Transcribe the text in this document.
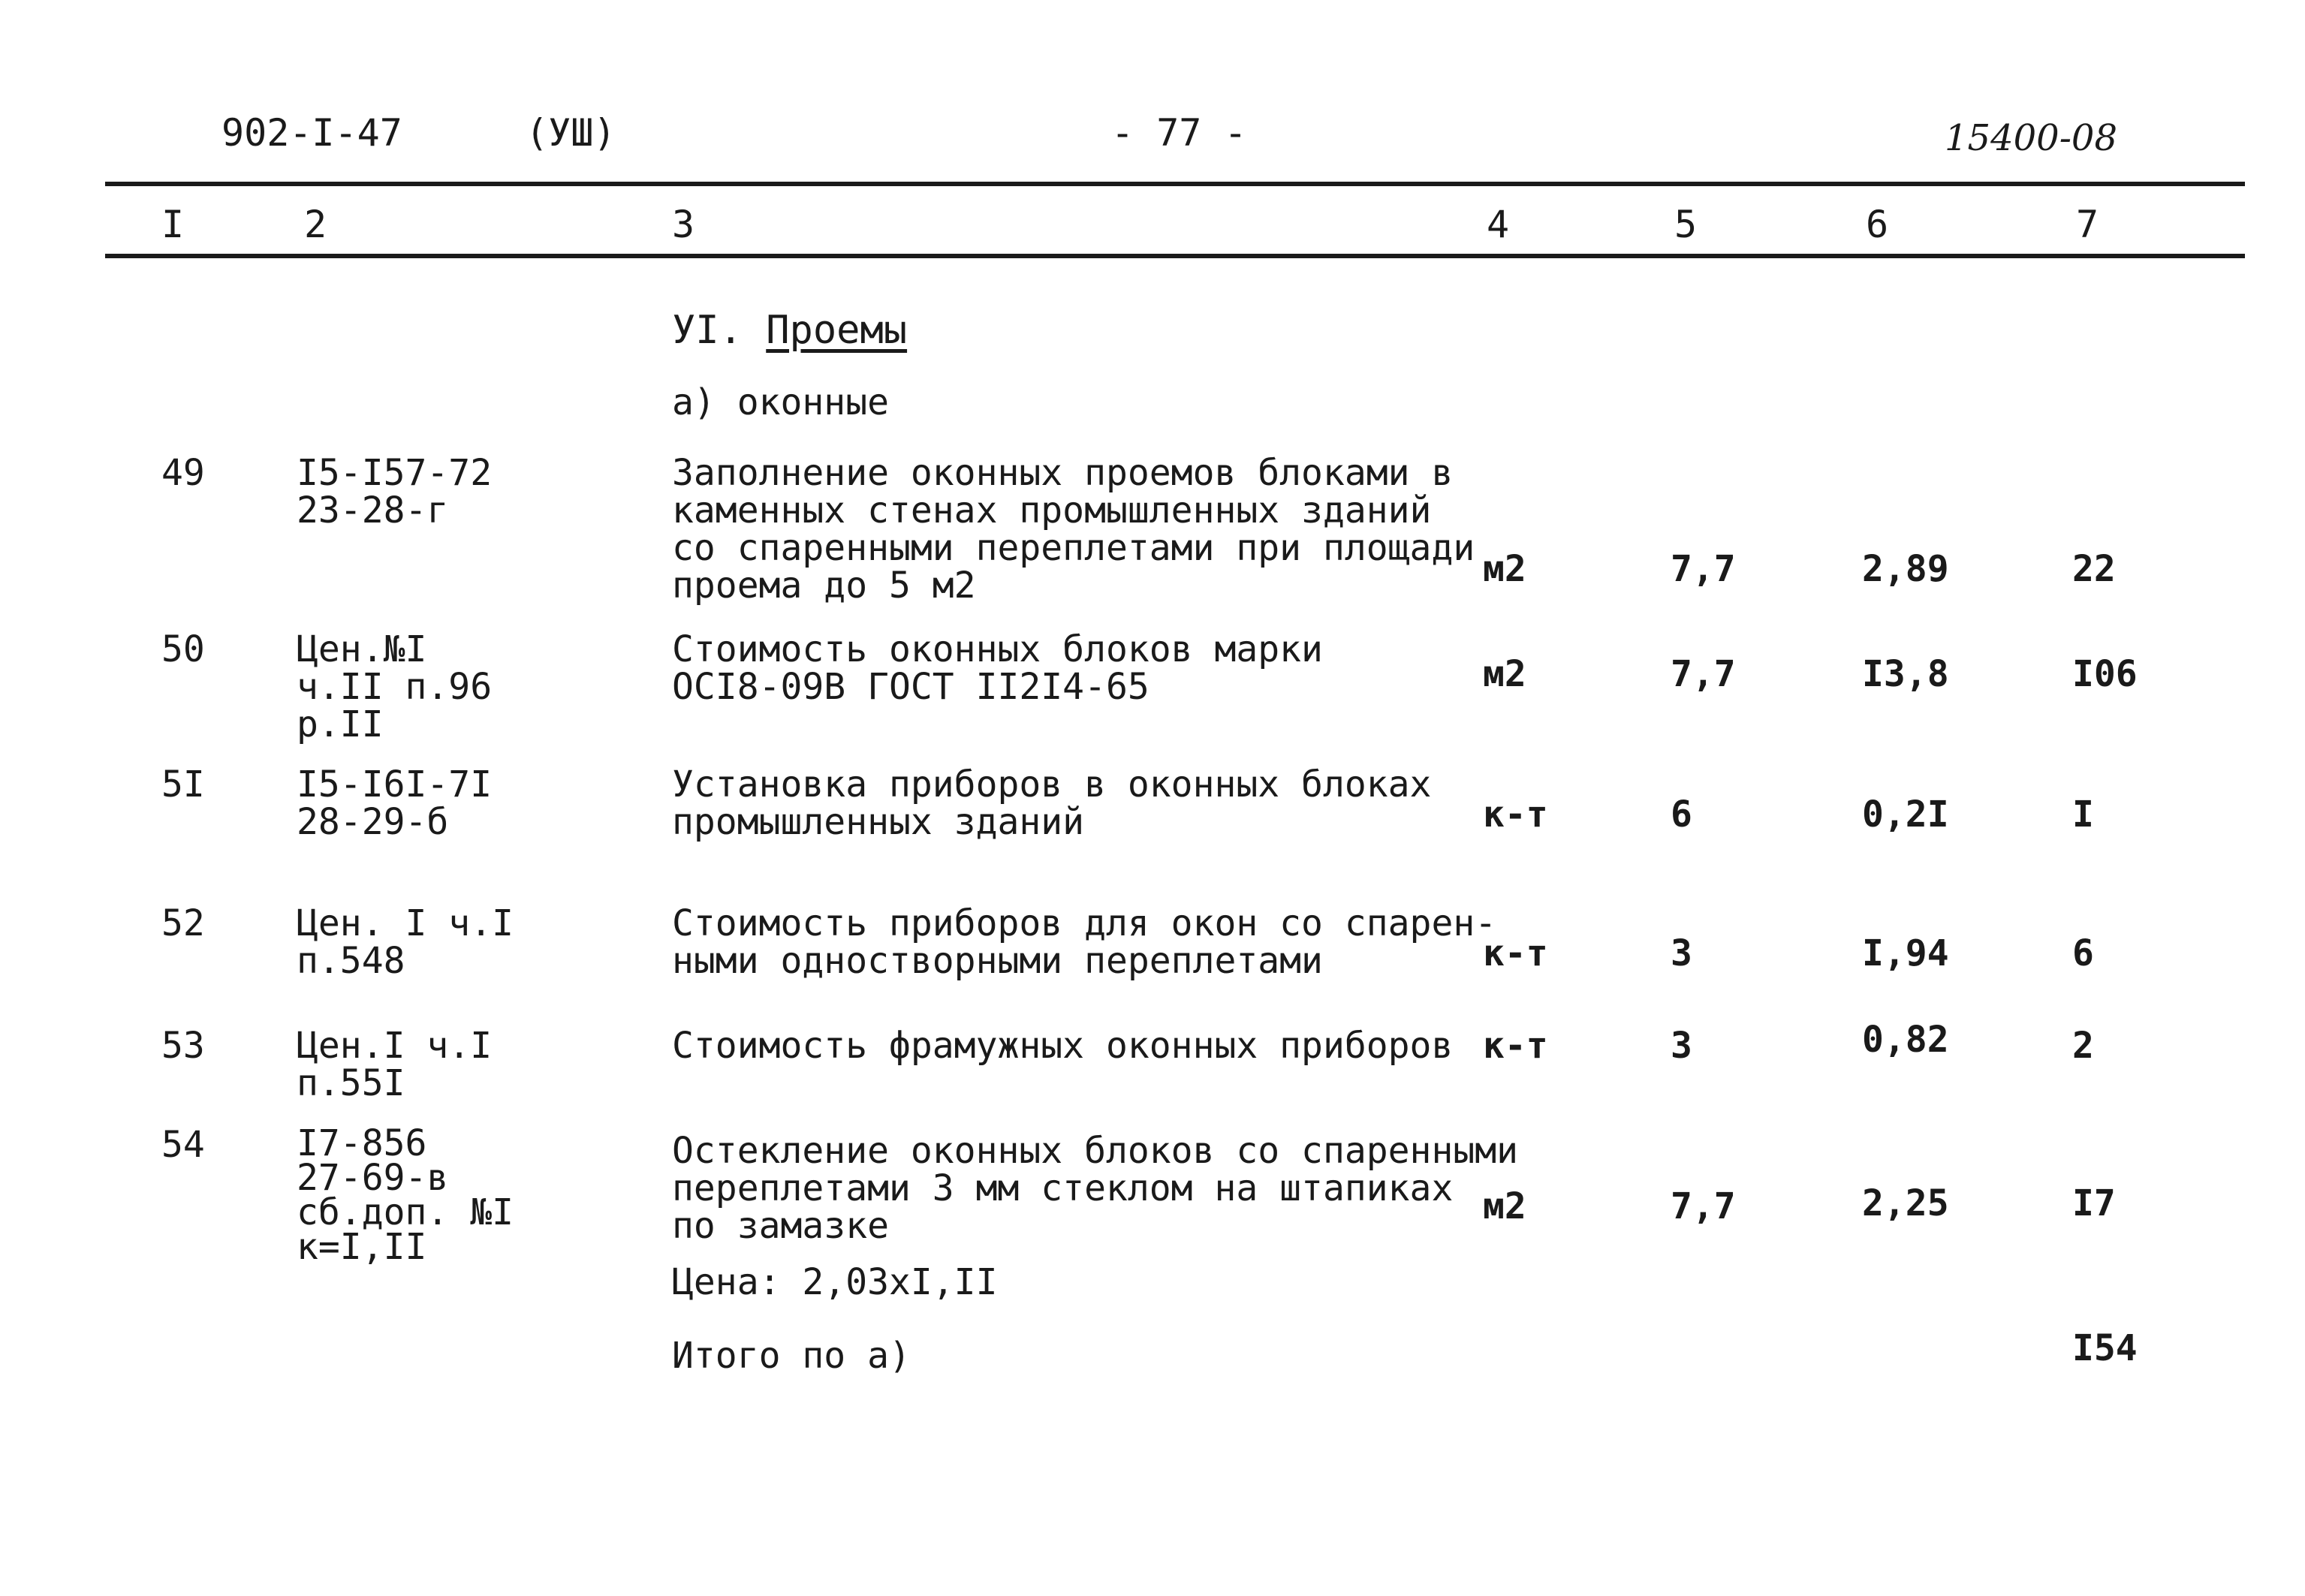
902-I-47	(УШ)	- 77 -	15400-08
I	2	3	4	5	6	7
УI. Проемы
а) оконные
49	I5-I57-72
23-28-г
Заполнение оконных проемов блоками в
каменных стенах промышленных зданий
со спаренными переплетами при площади
проема до 5 м2	м2	7,7	2,89	22
50	Цен.№I
ч.II п.96
р.II
Стоимость оконных блоков марки
ОСI8-09В ГОСТ II2I4-65	м2	7,7	I3,8	I06
5I	I5-I6I-7I
28-29-б
Установка приборов в оконных блоках
промышленных зданий	к-т	6	0,2I	I
52	Цен. I ч.I
п.548
Стоимость приборов для окон со спарен-
ными одностворными переплетами	к-т	3	I,94	6
53	Цен.I ч.I
п.55I
Стоимость фрамужных оконных приборов к-т	3	0,82	2
54	I7-856
27-69-в
сб.доп. №I
к=I,II
Остекление оконных блоков со спаренными
переплетами 3 мм стеклом на штапиках
по замазке	м2	7,7	2,25	I7
Цена: 2,03хI,II
Итого по а)	I54
